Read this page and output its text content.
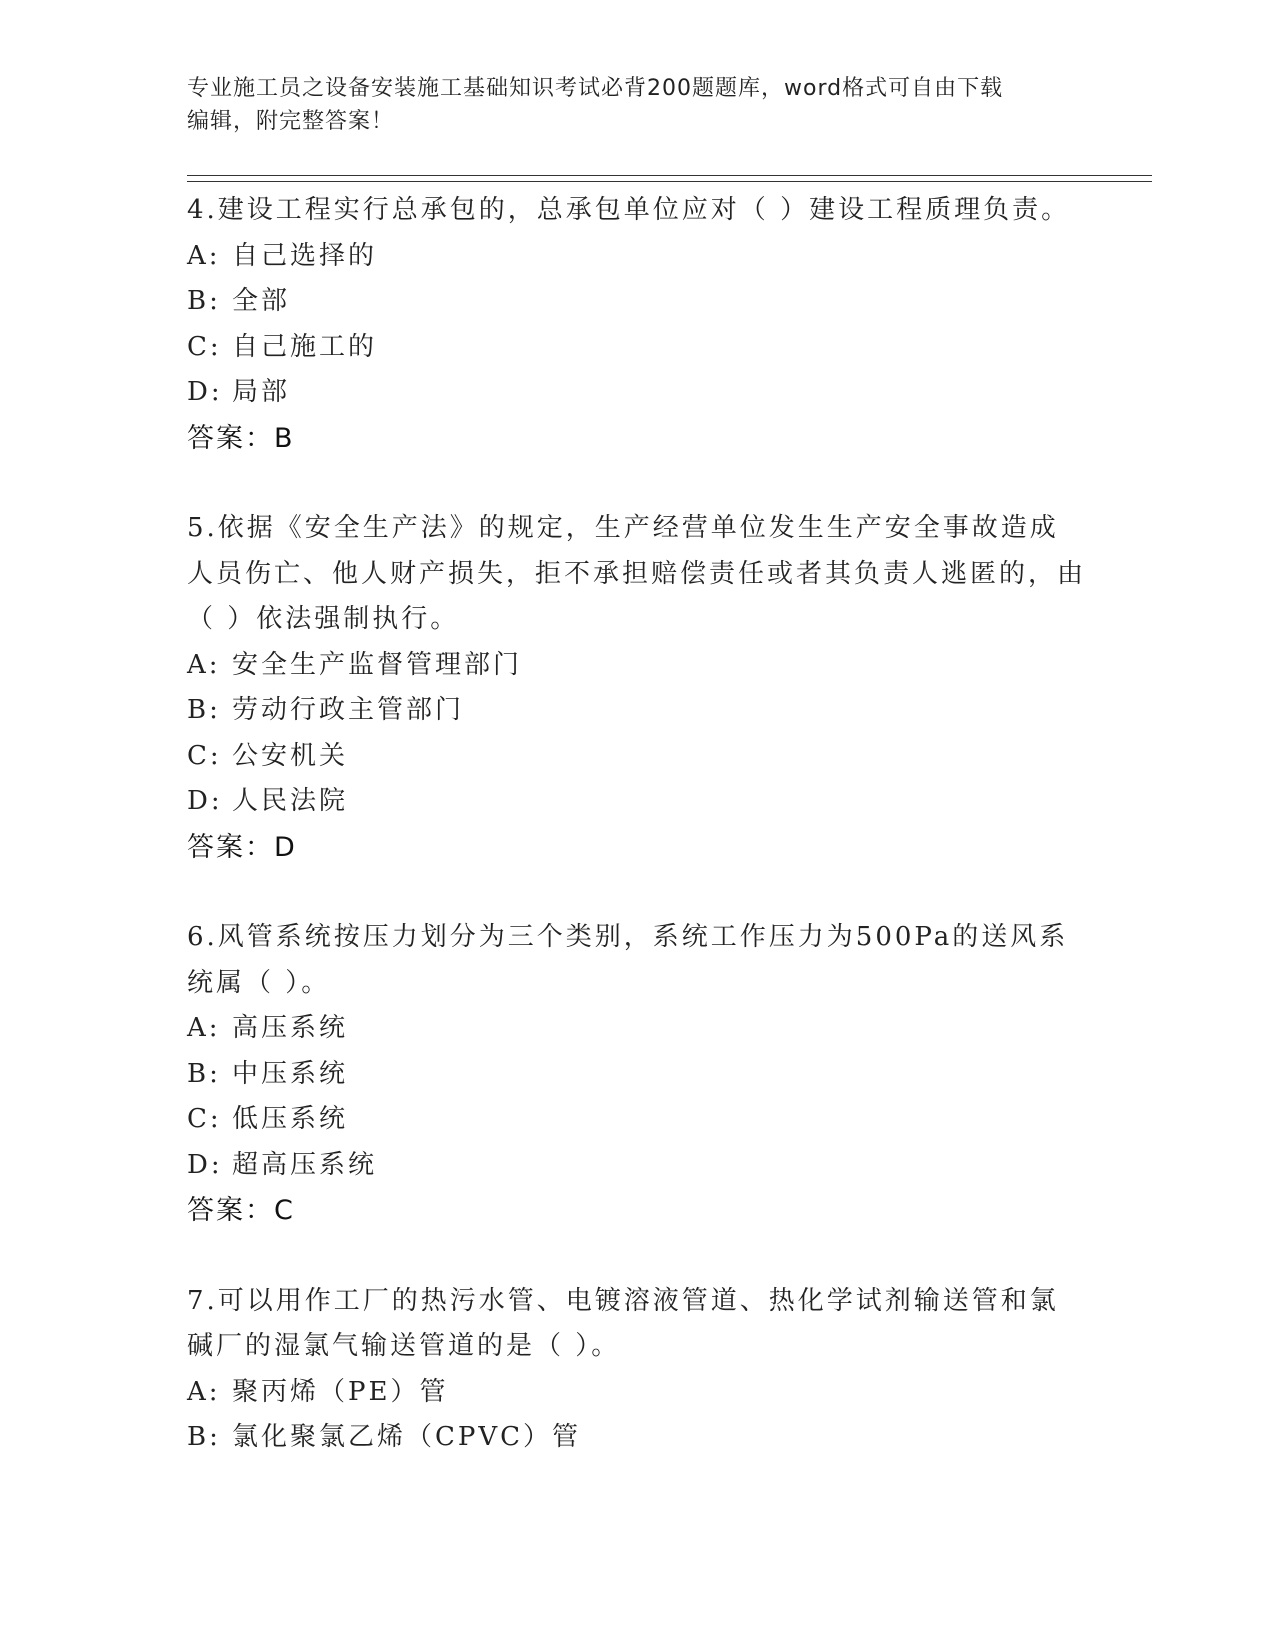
专业施工员之设备安装施工基础知识考试必背200题题库，word格式可自由下载
编辑，附完整答案！

4.建设工程实行总承包的，总承包单位应对（ ）建设工程质理负责。

A: 自己选择的

B: 全部

C: 自己施工的

D: 局部

答案：B

5.依据《安全生产法》的规定，生产经营单位发生生产安全事故造成人员伤亡、他人财产损失，拒不承担赔偿责任或者其负责人逃匿的，由（ ）依法强制执行。

A: 安全生产监督管理部门

B: 劳动行政主管部门

C: 公安机关

D: 人民法院

答案：D

6.风管系统按压力划分为三个类别，系统工作压力为500Pa的送风系统属（ ）。

A: 高压系统

B: 中压系统

C: 低压系统

D: 超高压系统

答案：C

7.可以用作工厂的热污水管、电镀溶液管道、热化学试剂输送管和氯碱厂的湿氯气输送管道的是（ ）。

A: 聚丙烯（PE）管

B: 氯化聚氯乙烯（CPVC）管
